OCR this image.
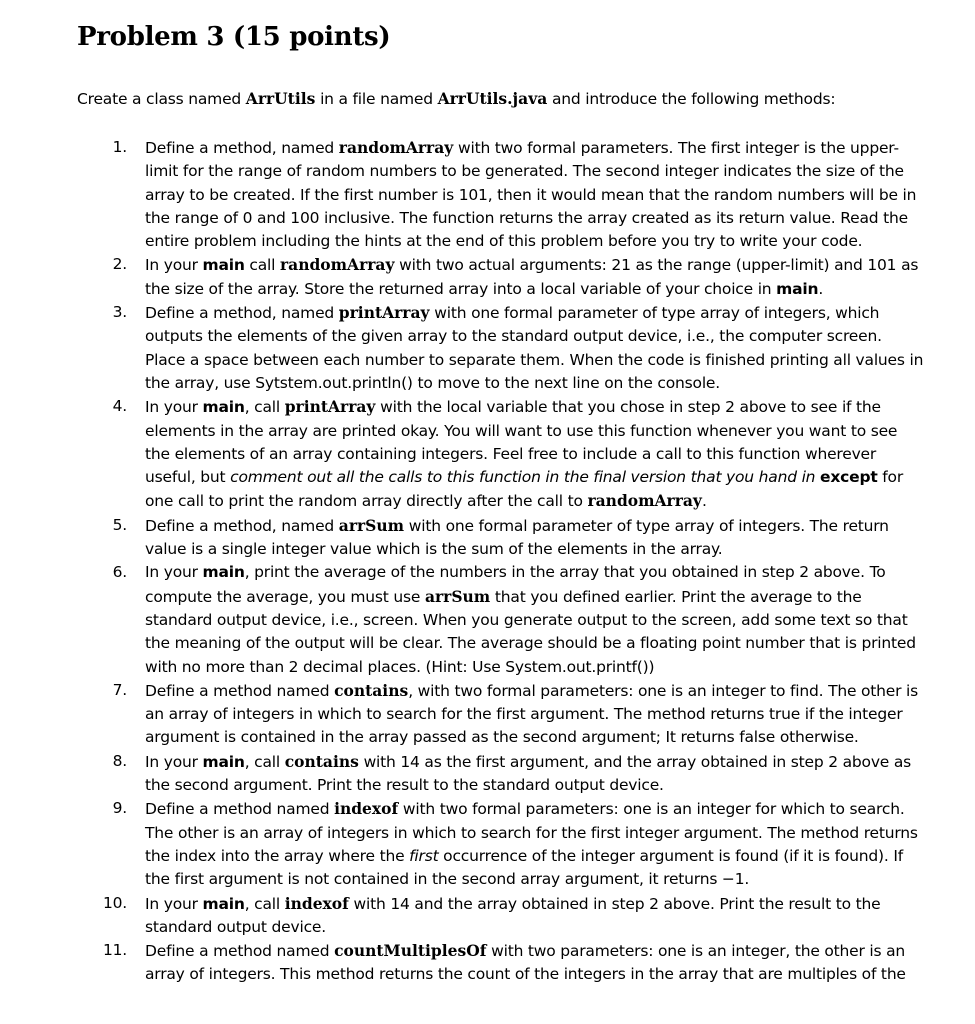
Problem 3 (15 points)
Create a class named ArrUtils in a file named ArrUtils.java and introduce the following methods:
1. Define a method, named randomArray with two formal parameters. The first integer is the upper-
limit for the range of random numbers to be generated. The second integer indicates the size of the
array to be created. If the first number is 101, then it would mean that the random numbers will be in
the range of 0 and 100 inclusive. The function returns the array created as its return value. Read the
entire problem including the hints at the end of this problem before you try to write your code.
2. In your main call randomArray with two actual arguments: 21 as the range (upper-limit) and 101 as
the size of the array. Store the returned array into a local variable of your choice in main.
3. Define a method, named printArray with one formal parameter of type array of integers, which
outputs the elements of the given array to the standard output device, i.e., the computer screen.
Place a space between each number to separate them. When the code is finished printing all values in
the array, use Sytstem.out.println() to move to the next line on the console.
4. In your main, call printArray with the local variable that you chose in step 2 above to see if the
elements in the array are printed okay. You will want to use this function whenever you want to see
the elements of an array containing integers. Feel free to include a call to this function wherever
useful, but comment out all the calls to this function in the final version that you hand in except for
one call to print the random array directly after the call to randomArray.
5. Define a method, named arrSum with one formal parameter of type array of integers. The return
value is a single integer value which is the sum of the elements in the array.
6. In your main, print the average of the numbers in the array that you obtained in step 2 above. To
compute the average, you must use arrSum that you defined earlier. Print the average to the
standard output device, i.e., screen. When you generate output to the screen, add some text so that
the meaning of the output will be clear. The average should be a floating point number that is printed
with no more than 2 decimal places. (Hint: Use System.out.printf())
7. Define a method named contains, with two formal parameters: one is an integer to find. The other is
an array of integers in which to search for the first argument. The method returns true if the integer
argument is contained in the array passed as the second argument; It returns false otherwise.
8. In your main, call contains with 14 as the first argument, and the array obtained in step 2 above as
the second argument. Print the result to the standard output device.
9. Define a method named indexof with two formal parameters: one is an integer for which to search.
The other is an array of integers in which to search for the first integer argument. The method returns
the index into the array where the first occurrence of the integer argument is found (if it is found). If
the first argument is not contained in the second array argument, it returns −1.
10. In your main, call indexof with 14 and the array obtained in step 2 above. Print the result to the
standard output device.
11. Define a method named countMultiplesOf with two parameters: one is an integer, the other is an
array of integers. This method returns the count of the integers in the array that are multiples of the
